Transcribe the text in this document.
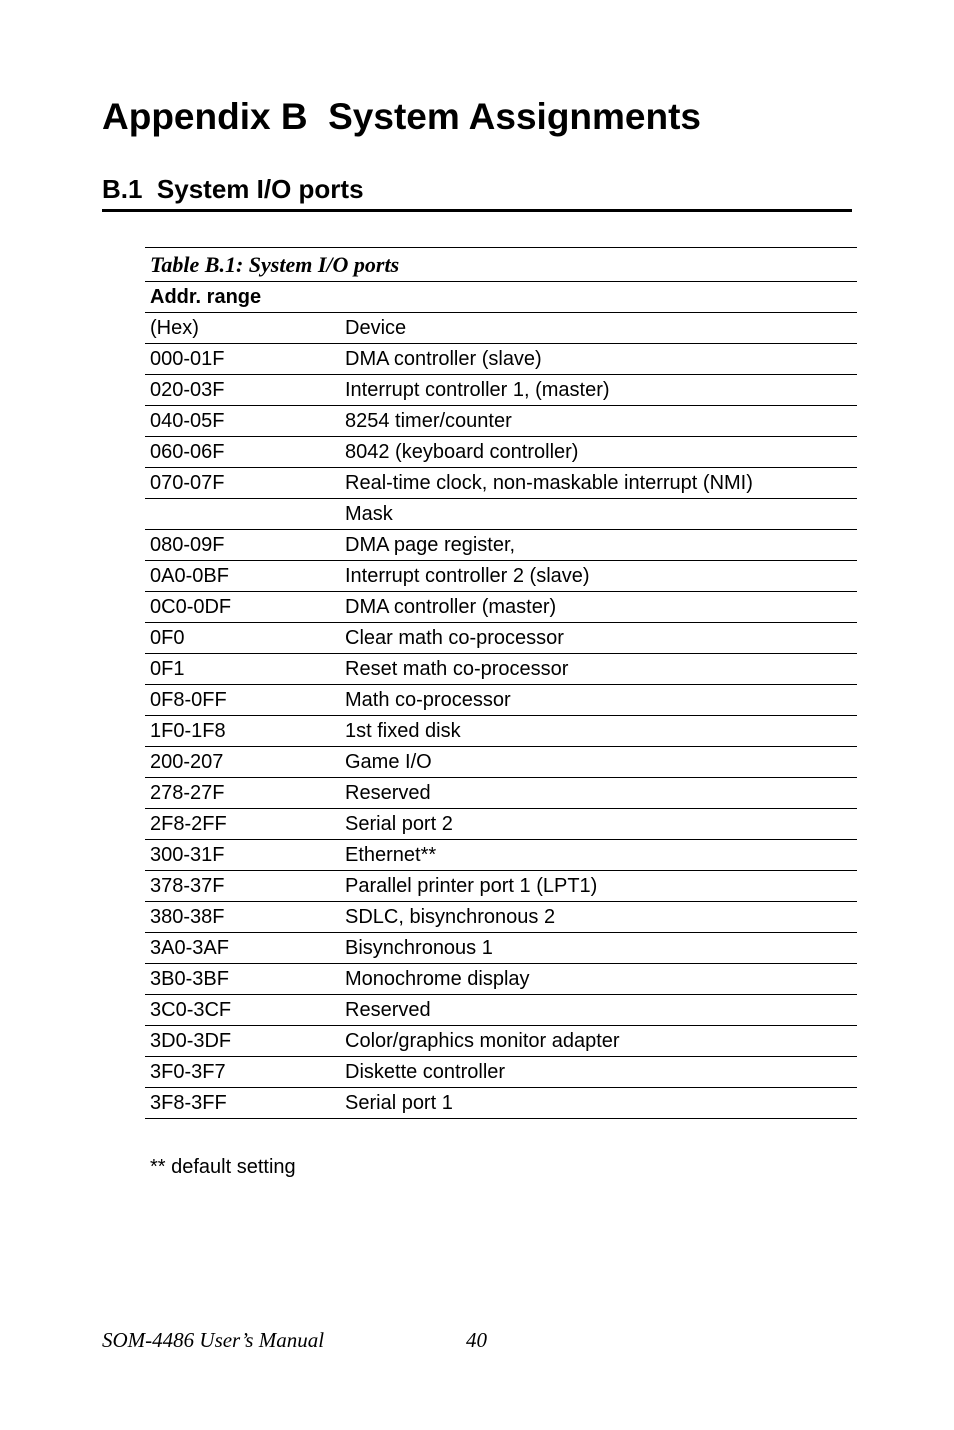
Appendix B  System Assignments
B.1  System I/O ports
Table B.1: System I/O ports	
Addr. range	
(Hex)	Device
000-01F	DMA controller (slave)
020-03F	Interrupt controller 1, (master)
040-05F	8254 timer/counter
060-06F	8042 (keyboard controller)
070-07F	Real-time clock, non-maskable interrupt (NMI)
	Mask
080-09F	DMA page register,
0A0-0BF	Interrupt controller 2 (slave)
0C0-0DF	DMA controller (master)
0F0	Clear math co-processor
0F1	Reset math co-processor
0F8-0FF	Math co-processor
1F0-1F8	1st fixed disk
200-207	Game I/O
278-27F	Reserved
2F8-2FF	Serial port 2
300-31F	Ethernet**
378-37F	Parallel printer port 1 (LPT1)
380-38F	SDLC, bisynchronous 2
3A0-3AF	Bisynchronous 1
3B0-3BF	Monochrome display
3C0-3CF	Reserved
3D0-3DF	Color/graphics monitor adapter
3F0-3F7	Diskette controller
3F8-3FF	Serial port 1

** default setting

SOM-4486 User’s Manual	40
